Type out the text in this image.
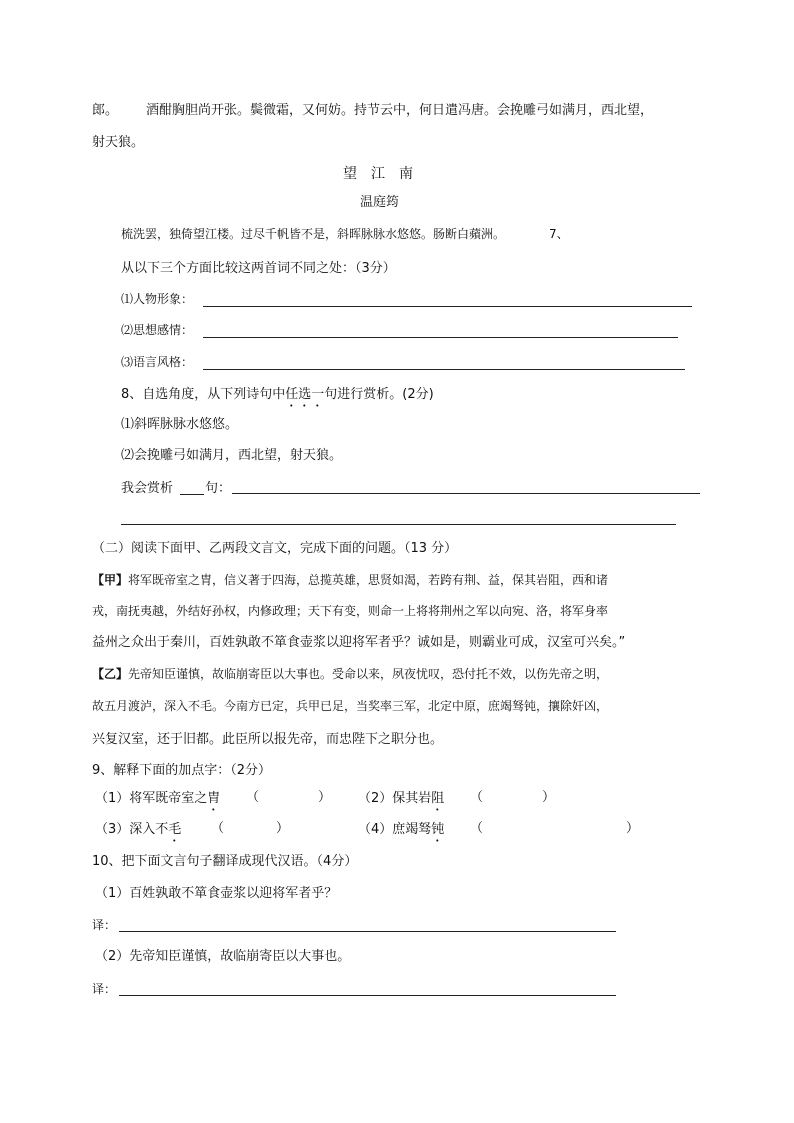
郎。 酒酣胸胆尚开张。鬓微霜，又何妨。持节云中，何日遣冯唐。会挽雕弓如满月，西北望，
射天狼。
望江南
温庭筠
梳洗罢，独倚望江楼。过尽千帆皆不是，斜晖脉脉水悠悠。肠断白蘋洲。	7、
从以下三个方面比较这两首词不同之处：（3分）
⑴人物形象：
⑵思想感情：
⑶语言风格：
8、自选角度，从下列诗句中任选一句进行赏析。(2分)
⑴斜晖脉脉水悠悠。
⑵会挽雕弓如满月，西北望，射天狼。
我会赏析 句：
（二）阅读下面甲、乙两段文言文，完成下面的问题。（13 分）
【甲】将军既帝室之胄，信义著于四海，总揽英雄，思贤如渴，若跨有荆、益，保其岩阻，西和诸
戎，南抚夷越，外结好孙权，内修政理；天下有变，则命一上将将荆州之军以向宛、洛，将军身率
益州之众出于秦川，百姓孰敢不箪食壶浆以迎将军者乎？诚如是，则霸业可成，汉室可兴矣。”
【乙】先帝知臣谨慎，故临崩寄臣以大事也。受命以来，夙夜忧叹，恐付托不效，以伤先帝之明，
故五月渡泸，深入不毛。今南方已定，兵甲已足，当奖率三军，北定中原，庶竭驽钝，攘除奸凶，
兴复汉室，还于旧都。此臣所以报先帝，而忠陛下之职分也。
9、解释下面的加点字：（2分）
（1）将军既帝室之胄 （	） （2）保其岩阻 （	）
（3）深入不毛 （	）	（4）庶竭驽钝 （	）
10、把下面文言句子翻译成现代汉语。（4分）
（1）百姓孰敢不箪食壶浆以迎将军者乎？
译：
（2）先帝知臣谨慎，故临崩寄臣以大事也。
译：
